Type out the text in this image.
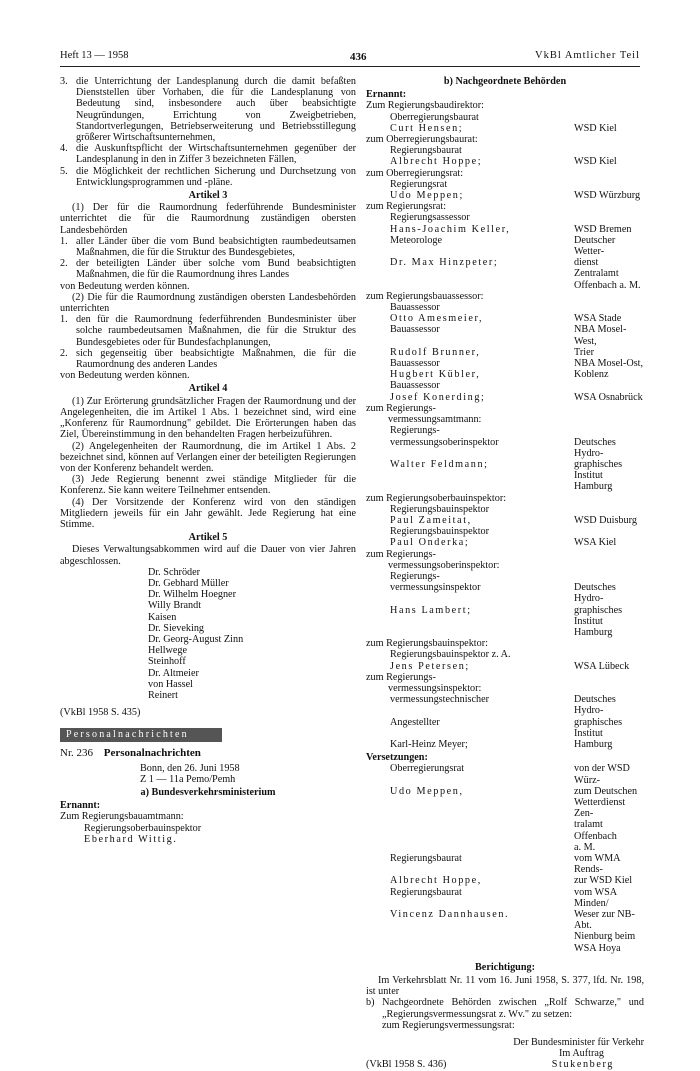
Heft 13 — 1958	436	VkBl Amtlicher Teil

3. die Unterrichtung der Landesplanung durch die damit befaßten Dienststellen über Vorhaben, die für die Landesplanung von Bedeutung sind, insbesondere auch über beabsichtigte Neugründungen, Errichtung von Zweigbetrieben, Standortverlegungen, Betriebserweiterung und Betriebsstillegung größerer Wirtschaftsunternehmen,

4. die Auskunftspflicht der Wirtschaftsunternehmen gegenüber der Landesplanung in den in Ziffer 3 bezeichneten Fällen,

5. die Möglichkeit der rechtlichen Sicherung und Durchsetzung von Entwicklungsprogrammen und -pläne.

Artikel 3

(1) Der für die Raumordnung federführende Bundesminister unterrichtet die für die Raumordnung zuständigen obersten Landesbehörden

1. aller Länder über die vom Bund beabsichtigten raumbedeutsamen Maßnahmen, die für die Struktur des Bundesgebietes,

2. der beteiligten Länder über solche vom Bund beabsichtigten Maßnahmen, die für die Raumordnung ihres Landes

von Bedeutung werden können.

(2) Die für die Raumordnung zuständigen obersten Landesbehörden unterrichten

1. den für die Raumordnung federführenden Bundesminister über solche raumbedeutsamen Maßnahmen, die für die Struktur des Bundesgebietes oder für Bundesfachplanungen,

2. sich gegenseitig über beabsichtigte Maßnahmen, die für die Raumordnung des anderen Landes

von Bedeutung werden können.

Artikel 4

(1) Zur Erörterung grundsätzlicher Fragen der Raumordnung und der Angelegenheiten, die im Artikel 1 Abs. 1 bezeichnet sind, wird eine „Konferenz für Raumordnung" gebildet. Die Erörterungen haben das Ziel, Übereinstimmung in den behandelten Fragen herbeizuführen.

(2) Angelegenheiten der Raumordnung, die im Artikel 1 Abs. 2 bezeichnet sind, können auf Verlangen einer der beteiligten Regierungen von der Konferenz behandelt werden.

(3) Jede Regierung benennt zwei ständige Mitglieder für die Konferenz. Sie kann weitere Teilnehmer entsenden.

(4) Der Vorsitzende der Konferenz wird von den ständigen Mitgliedern jeweils für ein Jahr gewählt. Jede Regierung hat eine Stimme.

Artikel 5

Dieses Verwaltungsabkommen wird auf die Dauer von vier Jahren abgeschlossen.

Dr. Schröder

Dr. Gebhard Müller

Dr. Wilhelm Hoegner

Willy Brandt

Kaisen

Dr. Sieveking

Dr. Georg-August Zinn

Hellwege

Steinhoff

Dr. Altmeier

von Hassel

Reinert

(VkBl 1958 S. 435)

Personalnachrichten

Nr. 236 Personalnachrichten

Bonn, den 26. Juni 1958

Z 1 — 11a Pemo/Pemh

a) Bundesverkehrsministerium

Ernannt:

Zum Regierungsbauamtmann:

Regierungsoberbauinspektor

Eberhard Wittig.

b) Nachgeordnete Behörden

Ernannt:

Zum Regierungsbaudirektor:
Oberregierungsbaurat
Curt Hensen;	WSD Kiel
zum Oberregierungsbaurat:
Regierungsbaurat
Albrecht Hoppe;	WSD Kiel
zum Oberregierungsrat:
Regierungsrat
Udo Meppen;	WSD Würzburg
zum Regierungsrat:
Regierungsassessor
Hans-Joachim Keller,	WSD Bremen
Meteorologe	Deutscher Wetter-
Dr. Max Hinzpeter;	dienst Zentralamt
Offenbach a. M.
zum Regierungsbauassessor:
Bauassessor
Otto Amesmeier,	WSA Stade
Bauassessor	NBA Mosel-West,
Rudolf Brunner,	Trier
Bauassessor	NBA Mosel-Ost,
Hugbert Kübler,	Koblenz
Bauassessor
Josef Konerding;	WSA Osnabrück
zum Regierungs-
vermessungsamtmann:
Regierungs-
vermessungsoberinspektor	Deutsches Hydro-
Walter Feldmann;	graphisches Institut
Hamburg
zum Regierungsoberbauinspektor:
Regierungsbauinspektor
Paul Zameitat,	WSD Duisburg
Regierungsbauinspektor
Paul Onderka;	WSA Kiel
zum Regierungs-
vermessungsoberinspektor:
Regierungs-
vermessungsinspektor	Deutsches Hydro-
Hans Lambert;	graphisches Institut
Hamburg
zum Regierungsbauinspektor:
Regierungsbauinspektor z. A.
Jens Petersen;	WSA Lübeck
zum Regierungs-
vermessungsinspektor:
vermessungstechnischer	Deutsches Hydro-
Angestellter	graphisches Institut
Karl-Heinz Meyer;	Hamburg

Versetzungen:

Oberregierungsrat	von der WSD Würz-
Udo Meppen,	zum Deutschen
Wetterdienst Zen-
tralamt Offenbach
a. M.
Regierungsbaurat	vom WMA Rends-
Albrecht Hoppe,	zur WSD Kiel
Regierungsbaurat	vom WSA Minden/
Vincenz Dannhausen.	Weser zur NB-Abt.
Nienburg beim
WSA Hoya

Berichtigung:

Im Verkehrsblatt Nr. 11 vom 16. Juni 1958, S. 377, lfd. Nr. 198, ist unter

b) Nachgeordnete Behörden zwischen „Rolf Schwarze," und „Regierungsvermessungsrat z. Wv." zu setzen:

zum Regierungsvermessungsrat:

Der Bundesminister für Verkehr

Im Auftrag

(VkBl 1958 S. 436)	Stukenberg
